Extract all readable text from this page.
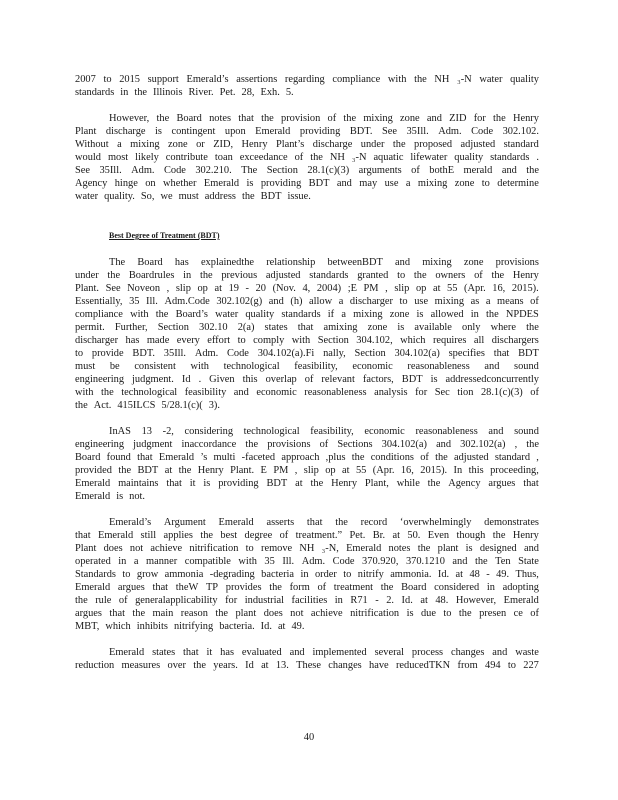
2007 to 2015 support Emerald’s assertions regarding compliance with the NH ₃-N water quality
standards in the Illinois River. Pet. 28, Exh. 5.
However, the Board notes that the provision of the mixing zone and ZID for the Henry
Plant discharge is contingent upon Emerald providing BDT. See 35Ill. Adm. Code 302.102.
Without a mixing zone or ZID, Henry Plant’s discharge under the proposed adjusted standard
would most likely contribute toan exceedance of the NH ₃-N aquatic lifewater quality standards .
See 35Ill. Adm. Code 302.210. The Section 28.1(c)(3) arguments of bothE merald and the
Agency hinge on whether Emerald is providing BDT and may use a mixing zone to determine
water quality. So, we must address the BDT issue.
The Board has explainedthe relationship betweenBDT and mixing zone provisions
under the Boardrules in the previous adjusted standards granted to the owners of the Henry
Plant. See Noveon , slip op at 19 - 20 (Nov. 4, 2004) ;E PM , slip op at 55 (Apr. 16, 2015).
Essentially, 35 Ill. Adm.Code 302.102(g) and (h) allow a discharger to use mixing as a means of
compliance with the Board’s water quality standards if a mixing zone is allowed in the NPDES
permit. Further, Section 302.10 2(a) states that amixing zone is available only where the
discharger has made every effort to comply with Section 304.102, which requires all dischargers
to provide BDT. 35Ill. Adm. Code 304.102(a).Fi nally, Section 304.102(a) specifies that BDT
must be consistent with technological feasibility, economic reasonableness and sound
engineering judgment. Id . Given this overlap of relevant factors, BDT is addressedconcurrently
with the technological feasibility and economic reasonableness analysis for Sec tion 28.1(c)(3) of
the Act. 415ILCS 5/28.1(c)( 3).
InAS 13 -2, considering technological feasibility, economic reasonableness and sound
engineering judgment inaccordance the provisions of Sections 304.102(a) and 302.102(a) , the
Board found that Emerald ’s multi -faceted approach ,plus the conditions of the adjusted standard ,
provided the BDT at the Henry Plant. E PM , slip op at 55 (Apr. 16, 2015). In this proceeding,
Emerald maintains that it is providing BDT at the Henry Plant, while the Agency argues that
Emerald is not.
Emerald’s Argument Emerald asserts that the record ‘overwhelmingly demonstrates
that Emerald still applies the best degree of treatment.” Pet. Br. at 50. Even though the Henry
Plant does not achieve nitrification to remove NH ₃-N, Emerald notes the plant is designed and
operated in a manner compatible with 35 Ill. Adm. Code 370.920, 370.1210 and the Ten State
Standards to grow ammonia -degrading bacteria in order to nitrify ammonia. Id. at 48 - 49. Thus,
Emerald argues that theW TP provides the form of treatment the Board considered in adopting
the rule of generalapplicability for industrial facilities in R71 - 2. Id. at 48. However, Emerald
argues that the main reason the plant does not achieve nitrification is due to the presen ce of
MBT, which inhibits nitrifying bacteria. Id. at 49.
Emerald states that it has evaluated and implemented several process changes and waste
reduction measures over the years. Id at 13. These changes have reducedTKN from 494 to 227
Best Degree of Treatment (BDT)
40
